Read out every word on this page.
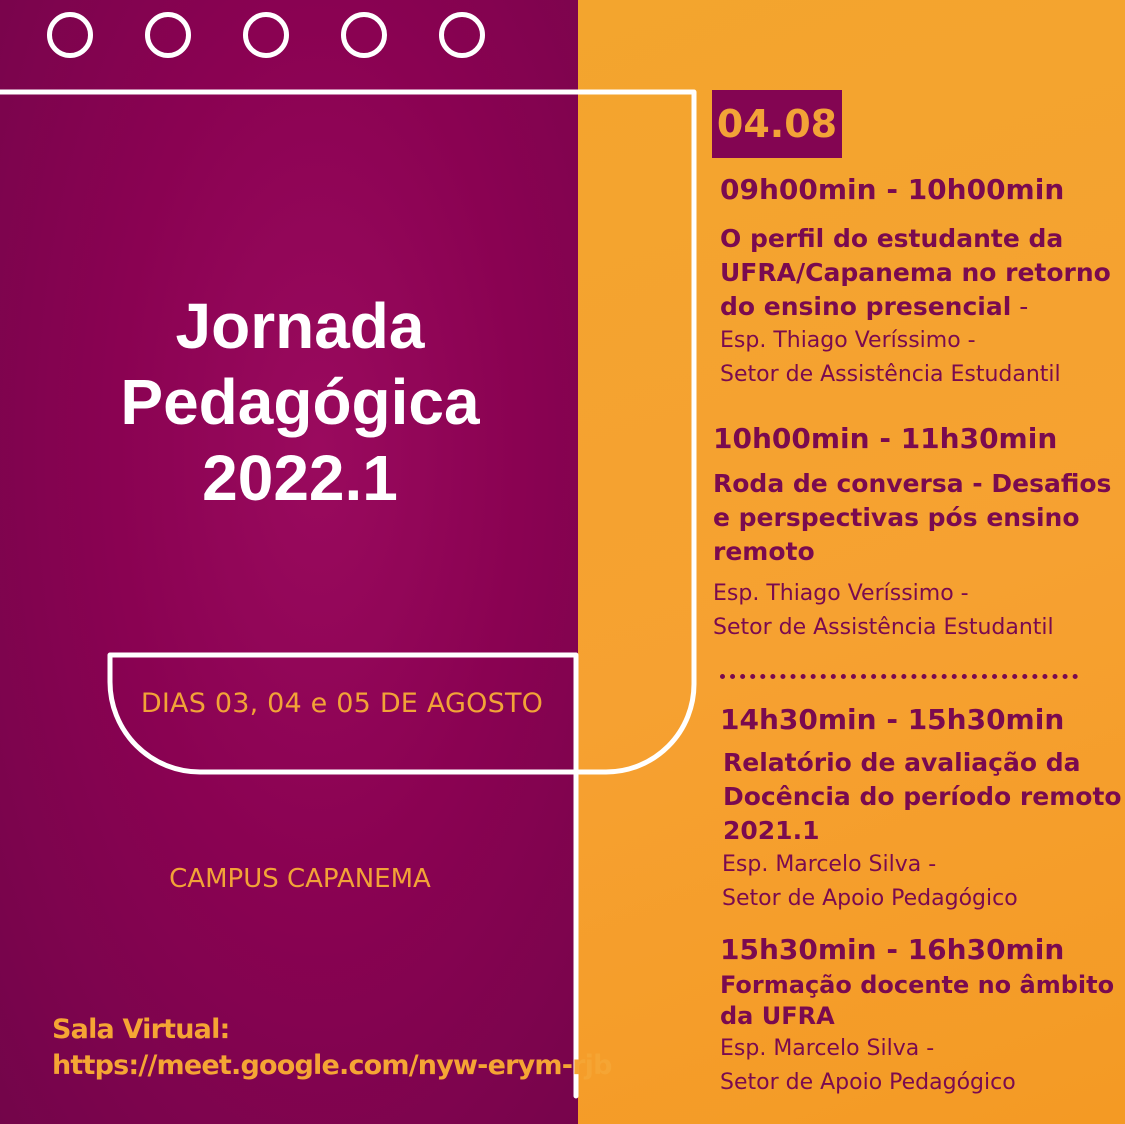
Jornada
Pedagógica
2022.1
DIAS 03, 04 e 05 DE AGOSTO
CAMPUS CAPANEMA
Sala Virtual:
https://meet.google.com/nyw-erym-rjb
04.08
09h00min - 10h00min
O perfil do estudante da
UFRA/Capanema no retorno
do ensino presencial -
Esp. Thiago Veríssimo -
Setor de Assistência Estudantil
10h00min - 11h30min
Roda de conversa - Desafios
e perspectivas pós ensino
remoto
Esp. Thiago Veríssimo -
Setor de Assistência Estudantil
14h30min - 15h30min
Relatório de avaliação da
Docência do período remoto
2021.1
Esp. Marcelo Silva -
Setor de Apoio Pedagógico
15h30min - 16h30min
Formação docente no âmbito
da UFRA
Esp. Marcelo Silva -
Setor de Apoio Pedagógico
